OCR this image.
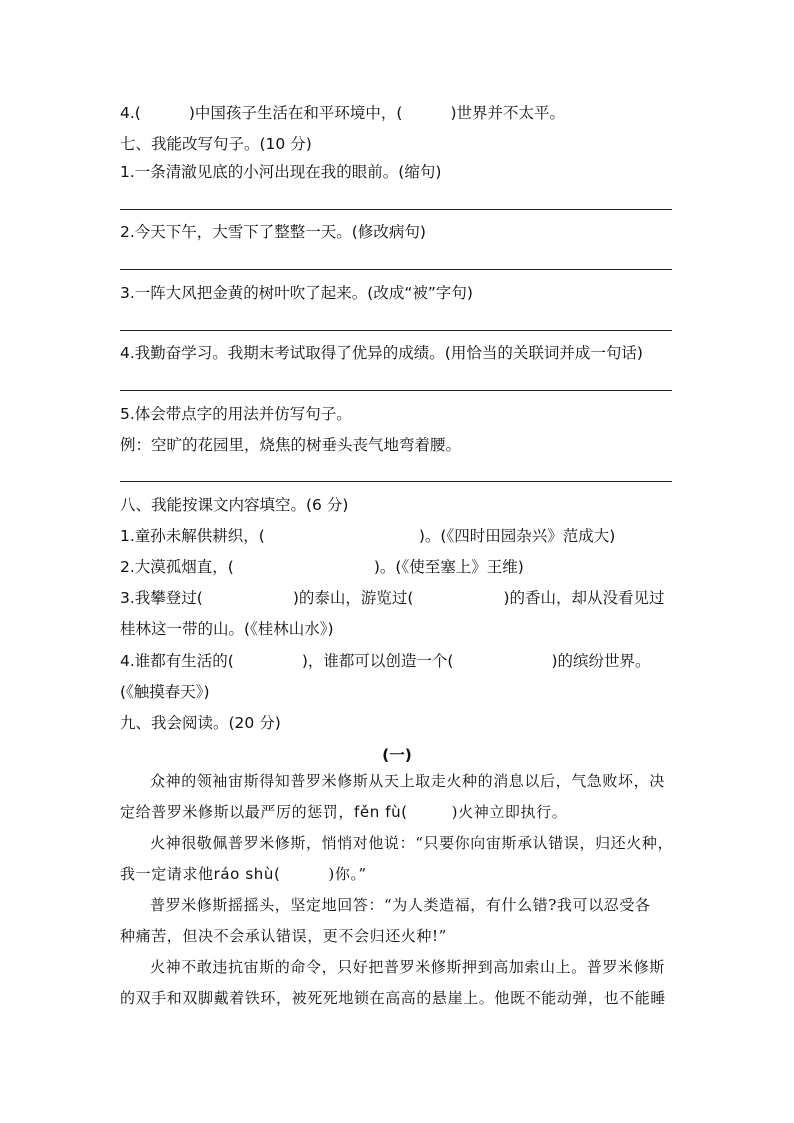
4.(	)中国孩子生活在和平环境中，(	)世界并不太平。
七、我能改写句子。(10 分)
1.一条清澈见底的小河出现在我的眼前。(缩句)
2.今天下午，大雪下了整整一天。(修改病句)
3.一阵大风把金黄的树叶吹了起来。(改成“被”字句)
4.我勤奋学习。我期末考试取得了优异的成绩。(用恰当的关联词并成一句话)
5.体会带点字的用法并仿写句子。
例：空旷的花园里，烧焦的树垂头丧气地弯着腰。
八、我能按课文内容填空。(6 分)
1.童孙未解供耕织，(	)。(《四时田园杂兴》范成大)
2.大漠孤烟直，(	)。(《使至塞上》王维)
3.我攀登过(	)的泰山，游览过(	)的香山，却从没看见过
桂林这一带的山。(《桂林山水》)
4.谁都有生活的(	)，谁都可以创造一个(	)的缤纷世界。
(《触摸春天》)
九、我会阅读。(20 分)
(一)
众神的领袖宙斯得知普罗米修斯从天上取走火种的消息以后，气急败坏，决
定给普罗米修斯以最严厉的惩罚，fěn fù(	)火神立即执行。
火神很敬佩普罗米修斯，悄悄对他说：“只要你向宙斯承认错误，归还火种，
我一定请求他ráo shù(	)你。”
普罗米修斯摇摇头，坚定地回答：“为人类造福，有什么错?我可以忍受各
种痛苦，但决不会承认错误，更不会归还火种!”
火神不敢违抗宙斯的命令，只好把普罗米修斯押到高加索山上。普罗米修斯
的双手和双脚戴着铁环，被死死地锁在高高的悬崖上。他既不能动弹，也不能睡
